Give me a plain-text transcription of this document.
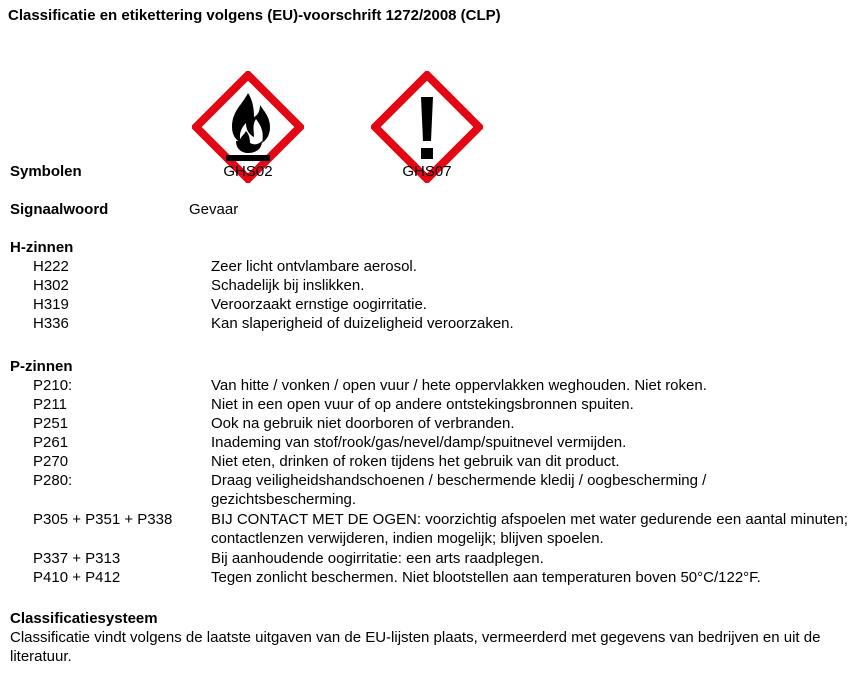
Classificatie en etikettering volgens (EU)-voorschrift 1272/2008 (CLP)
Symbolen	GHS02	GHS07
Signaalwoord	Gevaar
H-zinnen
H222	Zeer licht ontvlambare aerosol.
H302	Schadelijk bij inslikken.
H319	Veroorzaakt ernstige oogirritatie.
H336	Kan slaperigheid of duizeligheid veroorzaken.
P-zinnen
P210:	Van hitte / vonken / open vuur / hete oppervlakken weghouden. Niet roken.
P211	Niet in een open vuur of op andere ontstekingsbronnen spuiten.
P251	Ook na gebruik niet doorboren of verbranden.
P261	Inademing van stof/rook/gas/nevel/damp/spuitnevel vermijden.
P270	Niet eten, drinken of roken tijdens het gebruik van dit product.
P280:	Draag veiligheidshandschoenen / beschermende kledij / oogbescherming / gezichtsbescherming.
P305 + P351 + P338	BIJ CONTACT MET DE OGEN: voorzichtig afspoelen met water gedurende een aantal minuten; contactlenzen verwijderen, indien mogelijk; blijven spoelen.
P337 + P313	Bij aanhoudende oogirritatie: een arts raadplegen.
P410 + P412	Tegen zonlicht beschermen. Niet blootstellen aan temperaturen boven 50°C/122°F.
Classificatiesysteem
Classificatie vindt volgens de laatste uitgaven van de EU-lijsten plaats, vermeerderd met gegevens van bedrijven en uit de literatuur.
